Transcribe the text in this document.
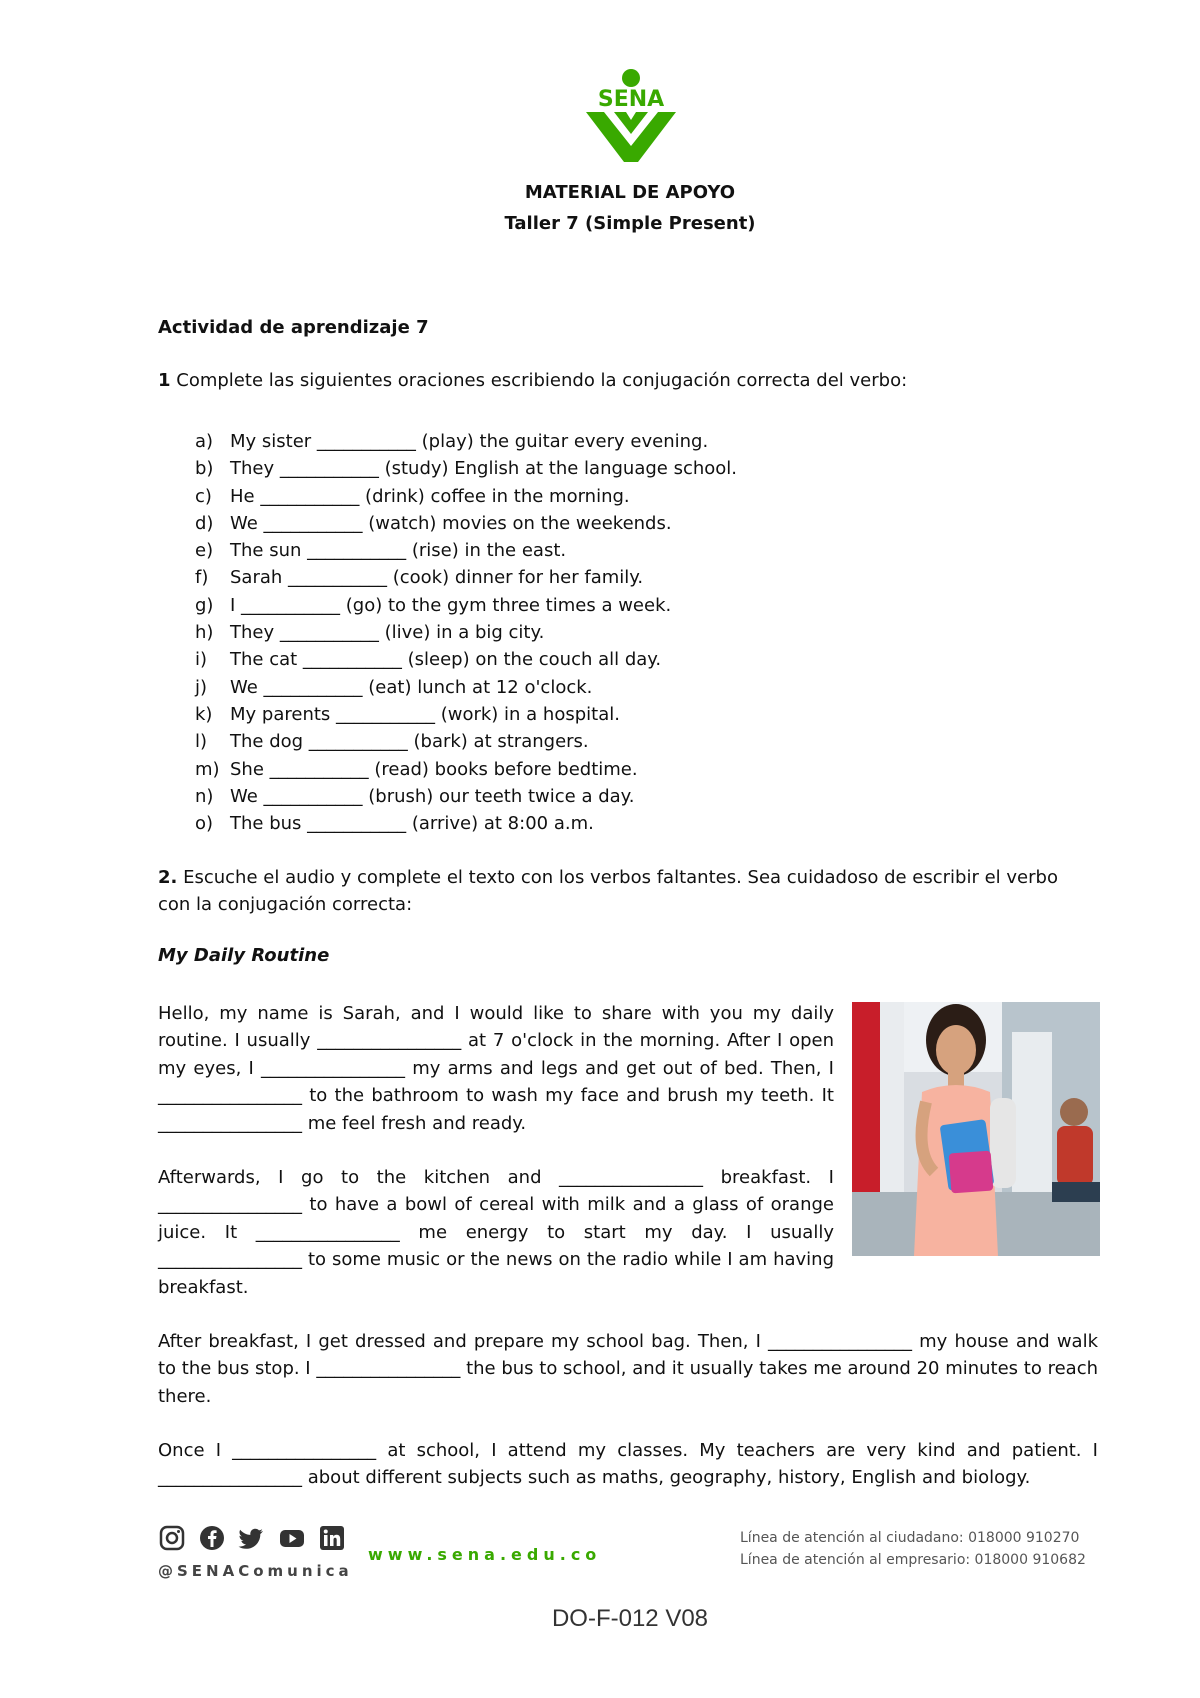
SENA
MATERIAL DE APOYO
Taller 7 (Simple Present)
Actividad de aprendizaje 7
1 Complete las siguientes oraciones escribiendo la conjugación correcta del verbo:
a) My sister ___________ (play) the guitar every evening.
b) They ___________ (study) English at the language school.
c)	He ___________ (drink) coffee in the morning.
d) We ___________ (watch) movies on the weekends.
e) The sun ___________ (rise) in the east.
f)	Sarah ___________ (cook) dinner for her family.
g) I ___________ (go) to the gym three times a week.
h) They ___________ (live) in a big city.
i)	The cat ___________ (sleep) on the couch all day.
j)	We ___________ (eat) lunch at 12 o'clock.
k) My parents ___________ (work) in a hospital.
l)	The dog ___________ (bark) at strangers.
m) She ___________ (read) books before bedtime.
n) We ___________ (brush) our teeth twice a day.
o) The bus ___________ (arrive) at 8:00 a.m.
2. Escuche el audio y complete el texto con los verbos faltantes. Sea cuidadoso de escribir el verbo con la conjugación correcta:
My Daily Routine
Hello, my name is Sarah, and I would like to share with you my daily routine. I usually ________________ at 7 o'clock in the morning. After I open my eyes, I ________________ my arms and legs and get out of bed. Then, I ________________ to the bathroom to wash my face and brush my teeth. It ________________ me feel fresh and ready.
Afterwards, I go to the kitchen and ________________ breakfast. I ________________ to have a bowl of cereal with milk and a glass of orange juice. It ________________ me energy to start my day. I usually ________________ to some music or the news on the radio while I am having breakfast.
After breakfast, I get dressed and prepare my school bag. Then, I ________________ my house and walk to the bus stop. I ________________ the bus to school, and it usually takes me around 20 minutes to reach there.
Once I ________________ at school, I attend my classes. My teachers are very kind and patient. I ________________ about different subjects such as maths, geography, history, English and biology.
@SENAComunica
www.sena.edu.co
Línea de atención al ciudadano: 018000 910270
Línea de atención al empresario: 018000 910682
DO-F-012 V08
